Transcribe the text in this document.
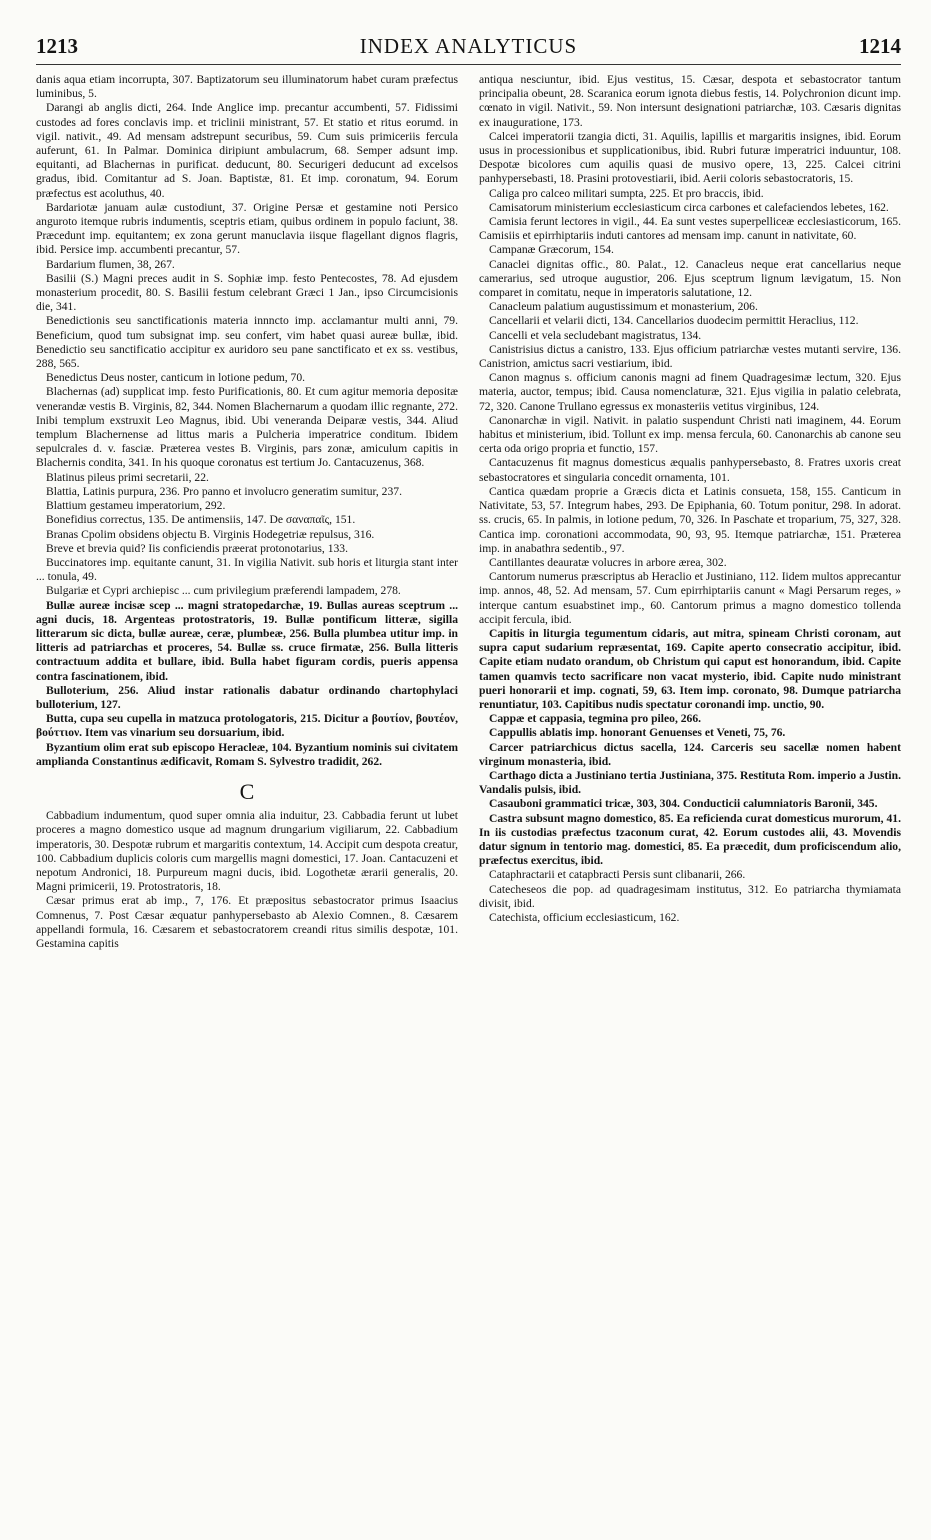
1213	INDEX ANALYTICUS	1214

danis aqua etiam incorrupta, 307. Baptizatorum seu illuminatorum habet curam præfectus luminibus, 5.

Darangi ab anglis dicti, 264. Inde Anglice imp. precantur accumbenti, 57. Fidissimi custodes ad fores conclavis imp. et triclinii ministrant, 57. Et statio et ritus eorumd. in vigil. nativit., 49. Ad mensam adstrepunt securibus, 59. Cum suis primiceriis fercula auferunt, 61. In Palmar. Dominica diripiunt ambulacrum, 68. Semper adsunt imp. equitanti, ad Blachernas in purificat. deducunt, 80. Securigeri deducunt ad excelsos gradus, ibid. Comitantur ad S. Joan. Baptistæ, 81. Et imp. coronatum, 94. Eorum præfectus est acoluthus, 40.

Bardariotæ januam aulæ custodiunt, 37. Origine Persæ et gestamine noti Persico anguroto itemque rubris indumentis, sceptris etiam, quibus ordinem in populo faciunt, 38. Præcedunt imp. equitantem; ex zona gerunt manuclavia iisque flagellant dignos flagris, ibid. Persice imp. accumbenti precantur, 57.

Bardarium flumen, 38, 267.

Basilii (S.) Magni preces audit in S. Sophiæ imp. festo Pentecostes, 78. Ad ejusdem monasterium procedit, 80. S. Basilii festum celebrant Græci 1 Jan., ipso Circumcisionis die, 341.

Benedictionis seu sanctificationis materia innncto imp. acclamantur multi anni, 79. Beneficium, quod tum subsignat imp. seu confert, vim habet quasi aureæ bullæ, ibid. Benedictio seu sanctificatio accipitur ex auridoro seu pane sanctificato et ex ss. vestibus, 288, 565.

Benedictus Deus noster, canticum in lotione pedum, 70.

Blachernas (ad) supplicat imp. festo Purificationis, 80. Et cum agitur memoria depositæ venerandæ vestis B. Virginis, 82, 344. Nomen Blachernarum a quodam illic regnante, 272. Inibi templum exstruxit Leo Magnus, ibid. Ubi veneranda Deiparæ vestis, 344. Aliud templum Blachernense ad littus maris a Pulcheria imperatrice conditum. Ibidem sepulcrales d. v. fasciæ. Præterea vestes B. Virginis, pars zonæ, amiculum capitis in Blachernis condita, 341. In his quoque coronatus est tertium Jo. Cantacuzenus, 368.

Blatinus pileus primi secretarii, 22.

Blattia, Latinis purpura, 236. Pro panno et involucro generatim sumitur, 237.

Blattium gestameu imperatorium, 292.

Bonefidius correctus, 135. De antimensiis, 147. De σαναπαῖς, 151.

Branas Cpolim obsidens objectu B. Virginis Hodegetriæ repulsus, 316.

Breve et brevia quid? Iis conficiendis præerat protonotarius, 133.

Buccinatores imp. equitante canunt, 31. In vigilia Nativit. sub horis et liturgia stant inter ... tonula, 49.

Bulgariæ et Cypri archiepisc ... cum privilegium præferendi lampadem, 278.

Bullæ aureæ incisæ scep ... magni stratopedarchæ, 19. Bullas aureas sceptrum ... agni ducis, 18. Argenteas protostratoris, 19. Bullæ pontificum litteræ, sigilla litterarum sic dicta, bullæ aureæ, ceræ, plumbeæ, 256. Bulla plumbea utitur imp. in litteris ad patriarchas et proceres, 54. Bullæ ss. cruce firmatæ, 256. Bulla litteris contractuum addita et bullare, ibid. Bulla habet figuram cordis, pueris appensa contra fascinationem, ibid.

Bulloterium, 256. Aliud instar rationalis dabatur ordinando chartophylaci bulloterium, 127.

Butta, cupa seu cupella in matzuca protologatoris, 215. Dicitur a βουτίον, βουτέον, βούττιον. Item vas vinarium seu dorsuarium, ibid.

Byzantium olim erat sub episcopo Heracleæ, 104. Byzantium nominis sui civitatem amplianda Constantinus ædificavit, Romam S. Sylvestro tradidit, 262.

C

Cabbadium indumentum, quod super omnia alia induitur, 23. Cabbadia ferunt ut lubet proceres a magno domestico usque ad magnum drungarium vigiliarum, 22. Cabbadium imperatoris, 30. Despotæ rubrum et margaritis contextum, 14. Accipit cum despota creatur, 100. Cabbadium duplicis coloris cum margellis magni domestici, 17. Joan. Cantacuzeni et nepotum Andronici, 18. Purpureum magni ducis, ibid. Logothetæ ærarii generalis, 20. Magni primicerii, 19. Protostratoris, 18.

Cæsar primus erat ab imp., 7, 176. Et præpositus sebastocrator primus Isaacius Comnenus, 7. Post Cæsar æquatur panhypersebasto ab Alexio Comnen., 8. Cæsarem appellandi formula, 16. Cæsarem et sebastocratorem creandi ritus similis despotæ, 101. Gestamina capitis

antiqua nesciuntur, ibid. Ejus vestitus, 15. Cæsar, despota et sebastocrator tantum principalia obeunt, 28. Scaranica eorum ignota diebus festis, 14. Polychronion dicunt imp. cœnato in vigil. Nativit., 59. Non intersunt designationi patriarchæ, 103. Cæsaris dignitas ex inauguratione, 173.

Calcei imperatorii tzangia dicti, 31. Aquilis, lapillis et margaritis insignes, ibid. Eorum usus in processionibus et supplicationibus, ibid. Rubri futuræ imperatrici induuntur, 108. Despotæ bicolores cum aquilis quasi de musivo opere, 13, 225. Calcei citrini panhypersebasti, 18. Prasini protovestiarii, ibid. Aerii coloris sebastocratoris, 15.

Caliga pro calceo militari sumpta, 225. Et pro braccis, ibid.

Camisatorum ministerium ecclesiasticum circa carbones et calefaciendos lebetes, 162.

Camisia ferunt lectores in vigil., 44. Ea sunt vestes superpelliceæ ecclesiasticorum, 165. Camisiis et epirrhiptariis induti cantores ad mensam imp. canunt in nativitate, 60.

Campanæ Græcorum, 154.

Canaclei dignitas offic., 80. Palat., 12. Canacleus neque erat cancellarius neque camerarius, sed utroque augustior, 206. Ejus sceptrum lignum lævigatum, 15. Non comparet in comitatu, neque in imperatoris salutatione, 12.

Canacleum palatium augustissimum et monasterium, 206.

Cancellarii et velarii dicti, 134. Cancellarios duodecim permittit Heraclius, 112.

Cancelli et vela secludebant magistratus, 134.

Canistrisius dictus a canistro, 133. Ejus officium patriarchæ vestes mutanti servire, 136. Canistrion, amictus sacri vestiarium, ibid.

Canon magnus s. officium canonis magni ad finem Quadragesimæ lectum, 320. Ejus materia, auctor, tempus; ibid. Causa nomenclaturæ, 321. Ejus vigilia in palatio celebrata, 72, 320. Canone Trullano egressus ex monasteriis vetitus virginibus, 124.

Canonarchæ in vigil. Nativit. in palatio suspendunt Christi nati imaginem, 44. Eorum habitus et ministerium, ibid. Tollunt ex imp. mensa fercula, 60. Canonarchis ab canone seu certa oda origo propria et functio, 157.

Cantacuzenus fit magnus domesticus æqualis panhypersebasto, 8. Fratres uxoris creat sebastocratores et singularia concedit ornamenta, 101.

Cantica quædam proprie a Græcis dicta et Latinis consueta, 158, 155. Canticum in Nativitate, 53, 57. Integrum habes, 293. De Epiphania, 60. Totum ponitur, 298. In adorat. ss. crucis, 65. In palmis, in lotione pedum, 70, 326. In Paschate et troparium, 75, 327, 328. Cantica imp. coronationi accommodata, 90, 93, 95. Itemque patriarchæ, 151. Præterea imp. in anabathra sedentib., 97.

Cantillantes deauratæ volucres in arbore ærea, 302.

Cantorum numerus præscriptus ab Heraclio et Justiniano, 112. Iidem multos apprecantur imp. annos, 48, 52. Ad mensam, 57. Cum epirrhiptariis canunt « Magi Persarum reges, » interque cantum esuabstinet imp., 60. Cantorum primus a magno domestico tollenda accipit fercula, ibid.

Capitis in liturgia tegumentum cidaris, aut mitra, spineam Christi coronam, aut supra caput sudarium repræsentat, 169. Capite aperto consecratio accipitur, ibid. Capite etiam nudato orandum, ob Christum qui caput est honorandum, ibid. Capite tamen quamvis tecto sacrificare non vacat mysterio, ibid. Capite nudo ministrant pueri honorarii et imp. cognati, 59, 63. Item imp. coronato, 98. Dumque patriarcha renuntiatur, 103. Capitibus nudis spectatur coronandi imp. unctio, 90.

Cappæ et cappasia, tegmina pro pileo, 266.

Cappullis ablatis imp. honorant Genuenses et Veneti, 75, 76.

Carcer patriarchicus dictus sacella, 124. Carceris seu sacellæ nomen habent virginum monasteria, ibid.

Carthago dicta a Justiniano tertia Justiniana, 375. Restituta Rom. imperio a Justin. Vandalis pulsis, ibid.

Casauboni grammatici tricæ, 303, 304. Conducticii calumniatoris Baronii, 345.

Castra subsunt magno domestico, 85. Ea reficienda curat domesticus murorum, 41. In iis custodias præfectus tzaconum curat, 42. Eorum custodes alii, 43. Movendis datur signum in tentorio mag. domestici, 85. Ea præcedit, dum proficiscendum alio, præfectus exercitus, ibid.

Cataphractarii et catapbracti Persis sunt clibanarii, 266.

Catecheseos die pop. ad quadragesimam institutus, 312. Eo patriarcha thymiamata divisit, ibid.

Catechista, officium ecclesiasticum, 162.
